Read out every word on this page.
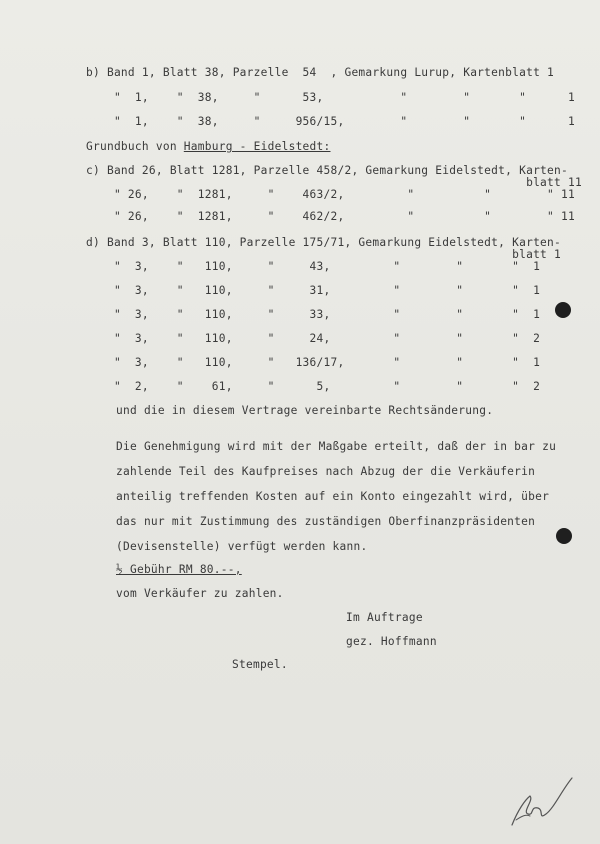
b) Band 1, Blatt 38, Parzelle  54  , Gemarkung Lurup, Kartenblatt 1
"  1,    "  38,     "      53,           "        "       "      1
"  1,    "  38,     "     956/15,        "        "       "      1
Grundbuch von Hamburg - Eidelstedt:
c) Band 26, Blatt 1281, Parzelle 458/2, Gemarkung Eidelstedt, Karten-
blatt 11
" 26,    "  1281,     "    463/2,         "          "        " 11
" 26,    "  1281,     "    462/2,         "          "        " 11
d) Band 3, Blatt 110, Parzelle 175/71, Gemarkung Eidelstedt, Karten-
blatt 1
"  3,    "   110,     "     43,         "        "       "  1
"  3,    "   110,     "     31,         "        "       "  1
"  3,    "   110,     "     33,         "        "       "  1
"  3,    "   110,     "     24,         "        "       "  2
"  3,    "   110,     "   136/17,       "        "       "  1
"  2,    "    61,     "      5,         "        "       "  2
und die in diesem Vertrage vereinbarte Rechtsänderung.
Die Genehmigung wird mit der Maßgabe erteilt, daß der in bar zu
zahlende Teil des Kaufpreises nach Abzug der die Verkäuferin
anteilig treffenden Kosten auf ein Konto eingezahlt wird, über
das nur mit Zustimmung des zuständigen Oberfinanzpräsidenten
(Devisenstelle) verfügt werden kann.
½ Gebühr RM 80.--,
vom Verkäufer zu zahlen.
Im Auftrage
gez. Hoffmann
Stempel.
